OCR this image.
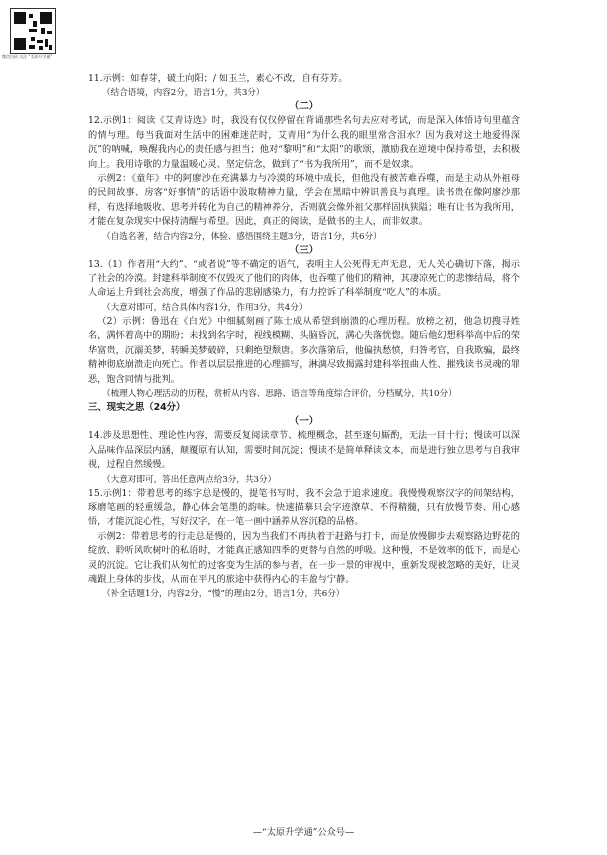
微信扫码 关注 "太原升学通"

11.示例：如春芽，破土向阳；/ 如玉兰，素心不改，自有芬芳。

（结合语境，内容2分，语言1分，共3分）

（二）

12.示例1：阅读《艾青诗选》时，我没有仅仅停留在背诵那些名句去应对考试，而是深入体悟诗句里蕴含的情与理。每当我面对生活中的困难迷茫时，艾青用“为什么我的眼里常含泪水？因为我对这土地爱得深沉”的呐喊，唤醒我内心的责任感与担当；他对“黎明”和“太阳”的歌颂，激励我在逆境中保持希望，去积极向上。我用诗歌的力量温暖心灵、坚定信念，做到了“书为我所用”，而不是奴隶。

示例2：《童年》中的阿廖沙在充满暴力与冷漠的环境中成长，但他没有被苦难吞噬，而是主动从外祖母的民间故事、房客“好事情”的话语中汲取精神力量，学会在黑暗中辨识善良与真理。读书贵在像阿廖沙那样，有选择地吸收、思考并转化为自己的精神养分，否则就会像外祖父那样固执狭隘；唯有让书为我所用，才能在复杂现实中保持清醒与希望。因此，真正的阅读，是做书的主人，而非奴隶。

（自选名著，结合内容2分，体验、感悟围绕主题3分，语言1分，共6分）

（三）

13.（1）作者用“大约”、“或者说”等不确定的语气，表明主人公死得无声无息，无人关心确切下落，揭示了社会的冷漠。封建科举制度不仅毁灭了他们的肉体，也吞噬了他们的精神，其凄凉死亡的悲惨结局，将个人命运上升到社会高度，增强了作品的悲剧感染力，有力控诉了科举制度“吃人”的本质。

（大意对即可，结合具体内容1分，作用3分，共4分）

（2）示例：鲁迅在《白光》中细腻刻画了陈士成从希望到崩溃的心理历程。放榜之初，他急切搜寻姓名，满怀着高中的期盼；未找到名字时，视线模糊、头脑昏沉，满心失落恍惚。随后他幻想科举高中后的荣华富贵，沉溺美梦，转瞬美梦破碎，只剩绝望颓唐。多次落第后，他偏执愁愤，归咎考官，自我欺骗，最终精神彻底崩溃走向死亡。作者以层层推进的心理描写，淋漓尽致揭露封建科举扭曲人性、摧残读书灵魂的罪恶，饱含同情与批判。

（梳理人物心理活动的历程，赏析从内容、思路、语言等角度综合评价，分档赋分，共10分）

三、现实之思（24分）

（一）

14.涉及思想性、理论性内容，需要反复阅读章节、梳理概念，甚至逐句厮酌，无法一目十行；慢读可以深入品味作品深层内涵，颠覆原有认知，需要时间沉淀；慢读不是简单释读文本，而是进行独立思考与自我审视，过程自然缓慢。

（大意对即可，答出任意两点给3分，共3分）

15.示例1：带着思考的练字总是慢的，提笔书写时，我不会急于追求速度。我慢慢观察汉字的间架结构，琢磨笔画的轻重缓急，静心体会笔墨的韵味。快速描摹只会字迹潦草、不得精髓，只有放慢节奏、用心感悟，才能沉淀心性，写好汉字，在一笔一画中涵养从容沉稳的品格。

示例2：带着思考的行走总是慢的，因为当我们不再执着于赶路与打卡，而是放慢脚步去观察路边野花的绽放、聆听风吹树叶的私语时，才能真正感知四季的更替与自然的呼吸。这种慢，不是效率的低下，而是心灵的沉淀。它让我们从匆忙的过客变为生活的参与者，在一步一景的审视中，重新发现被忽略的美好，让灵魂跟上身体的步伐，从而在平凡的旅途中获得内心的丰盈与宁静。

（补全话题1分，内容2分，“慢”的理由2分，语言1分，共6分）

—“太原升学通”公众号—
